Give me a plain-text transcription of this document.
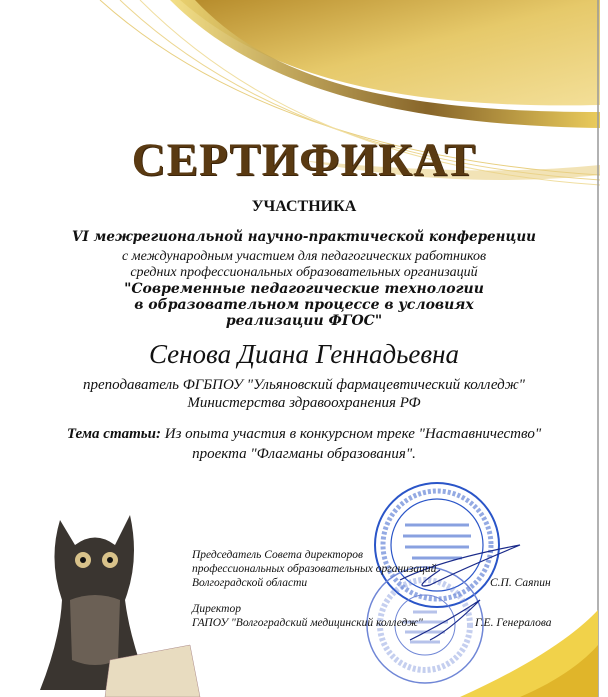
СЕРТИФИКАТ
УЧАСТНИКА
VI межрегиональной научно-практической конференции
с международным участием для педагогических работников
средних профессиональных образовательных организаций
"Современные педагогические технологии
в образовательном процессе в условиях
реализации ФГОС"
Сенова Диана Геннадьевна
преподаватель ФГБПОУ "Ульяновский фармацевтический колледж"
Министерства здравоохранения РФ
Тема статьи: Из опыта участия в конкурсном треке "Наставничество"
проекта "Флагманы образования".
Председатель Совета директоров
профессиональных образовательных организаций
Волгоградской области	С.П. Саяпин
Директор
ГАПОУ "Волгоградский медицинский колледж"	Г.Е. Генералова
